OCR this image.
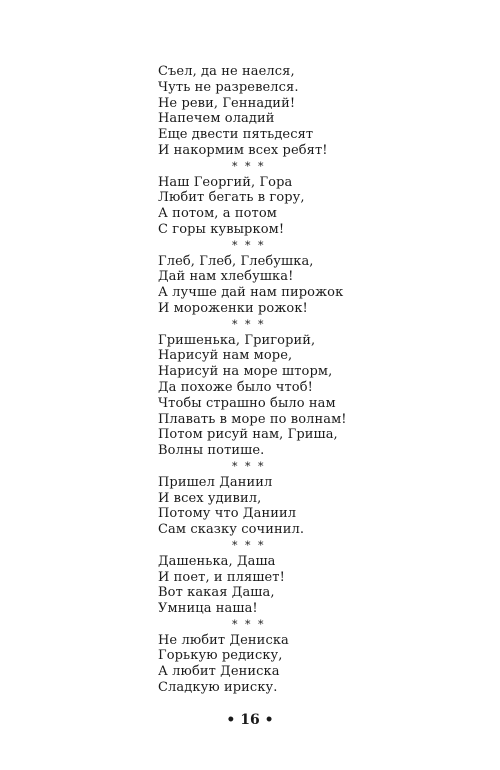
Съел, да не наелся,
Чуть не разревелся.
Не реви, Геннадий!
Напечем оладий
Еще двести пятьдесят
И накормим всех ребят!
* * *
Наш Георгий, Гора
Любит бегать в гору,
А потом, а потом
С горы кувырком!
* * *
Глеб, Глеб, Глебушка,
Дай нам хлебушка!
А лучше дай нам пирожок
И мороженки рожок!
* * *
Гришенька, Григорий,
Нарисуй нам море,
Нарисуй на море шторм,
Да похоже было чтоб!
Чтобы страшно было нам
Плавать в море по волнам!
Потом рисуй нам, Гриша,
Волны потише.
* * *
Пришел Даниил
И всех удивил,
Потому что Даниил
Сам сказку сочинил.
* * *
Дашенька, Даша
И поет, и пляшет!
Вот какая Даша,
Умница наша!
* * *
Не любит Дениска
Горькую редиску,
А любит Дениска
Сладкую ириску.
• 16 •
